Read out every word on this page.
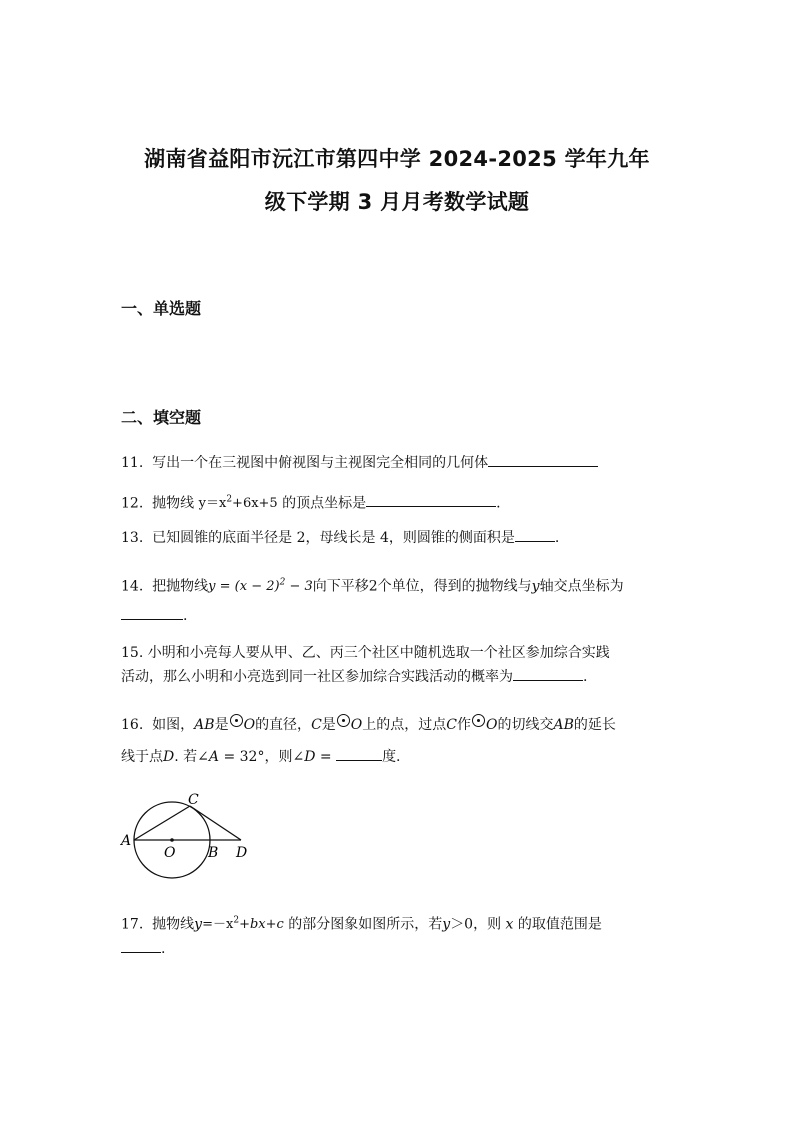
湖南省益阳市沅江市第四中学 2024-2025 学年九年
级下学期 3 月月考数学试题
一、单选题
二、填空题
11. 写出一个在三视图中俯视图与主视图完全相同的几何体
12. 抛物线 $y=x^2+6x+5$ 的顶点坐标是	.
13. 已知圆锥的底面半径是 2，母线长是 4，则圆锥的侧面积是	.
14. 把抛物线$y = (x - 2)^2 - 3$向下平移2个单位，得到的抛物线与y轴交点坐标为
.
15. 小明和小亮每人要从甲、乙、丙三个社区中随机选取一个社区参加综合实践
活动，那么小明和小亮选到同一社区参加综合实践活动的概率为	.
16. 如图，AB是 O的直径，C是 O上的点，过点C作 O的切线交AB的延长
线于点D. 若∠A = 32°，则∠D =	度.
A
O B
C
D
17. 抛物线$y=-x^2+bx+c$ 的部分图象如图所示，若y＞0，则 x 的取值范围是
.
